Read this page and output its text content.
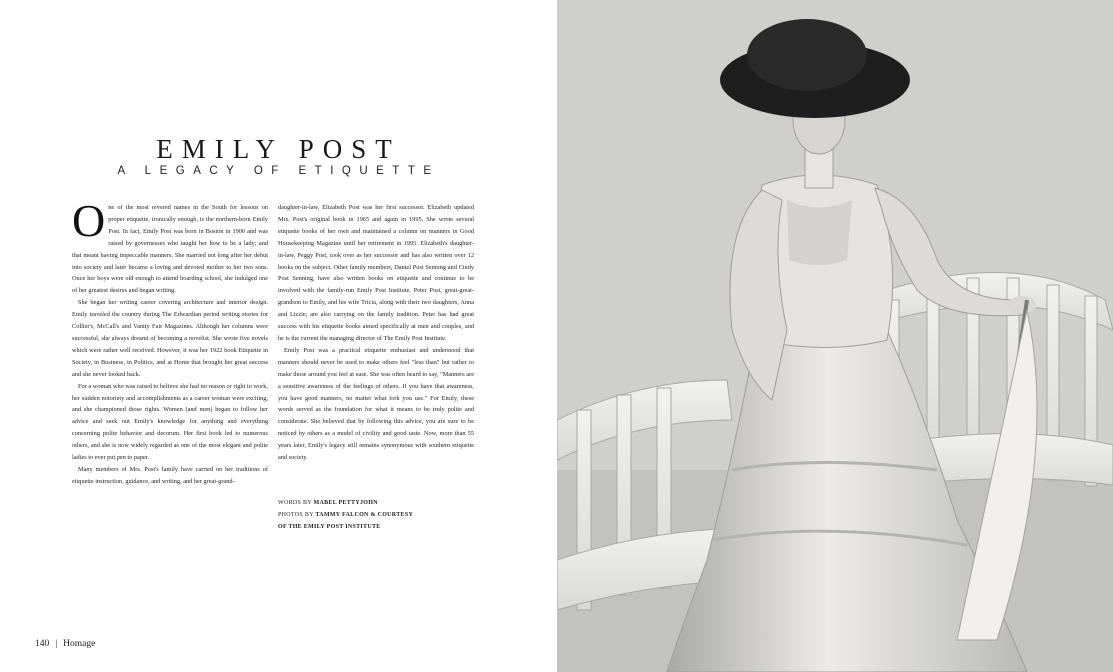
EMILY POST
A LEGACY OF ETIQUETTE

One of the most revered names in the South for lessons on proper etiquette, ironically enough, is the northern-born Emily Post. In fact, Emily Post was born in Boston in 1900 and was raised by governesses who taught her how to be a lady; and that meant having impeccable manners. She married not long after her debut into society and later became a loving and devoted mother to her two sons. Once her boys were old enough to attend boarding school, she indulged one of her greatest desires and began writing.

She began her writing career covering architecture and interior design. Emily traveled the country during The Edwardian period writing stories for Collier's, McCall's and Vanity Fair Magazines. Although her columns were successful, she always dreamt of becoming a novelist. She wrote five novels which were rather well received. However, it was her 1922 book Etiquette in Society, in Business, in Politics, and at Home that brought her great success and she never looked back.

For a woman who was raised to believe she had no reason or right to work, her sudden notoriety and accomplishments as a career woman were exciting, and she championed those rights. Women (and men) began to follow her advice and seek out Emily's knowledge for anything and everything concerning polite behavior and decorum. Her first book led to numerous others, and she is now widely regarded as one of the most elegant and polite ladies to ever put pen to paper.

Many members of Mrs. Post's family have carried on her traditions of etiquette instruction, guidance, and writing, and her great-grand-

daughter-in-law, Elizabeth Post was her first successor. Elizabeth updated Mrs. Post's original book in 1965 and again in 1995. She wrote several etiquette books of her own and maintained a column on manners in Good Housekeeping Magazine until her retirement in 1995. Elizabeth's daughter-in-law, Peggy Post, took over as her successor and has also written over 12 books on the subject. Other family members, Daniel Post Senning and Cindy Post Senning, have also written books on etiquette and continue to be involved with the family-run Emily Post Institute. Peter Post, great-great-grandson to Emily, and his wife Tricia, along with their two daughters, Anna and Lizzie, are also carrying on the family tradition. Peter has had great success with his etiquette books aimed specifically at men and couples, and he is the current the managing director of The Emily Post Institute.

Emily Post was a practical etiquette enthusiast and understood that manners should never be used to make others feel "less than" but rather to make those around you feel at ease. She was often heard to say, "Manners are a sensitive awareness of the feelings of others. If you have that awareness, you have good manners, no matter what fork you use." For Emily, these words served as the foundation for what it means to be truly polite and considerate. She believed that by following this advice, you are sure to be noticed by others as a model of civility and good taste. Now, more than 55 years later, Emily's legacy still remains synonymous with southern etiquette and society.

WORDS BY MABEL PETTYJOHN
PHOTOS BY TAMMY FALCON & COURTESY
OF THE EMILY POST INSTITUTE
140 | Homage
